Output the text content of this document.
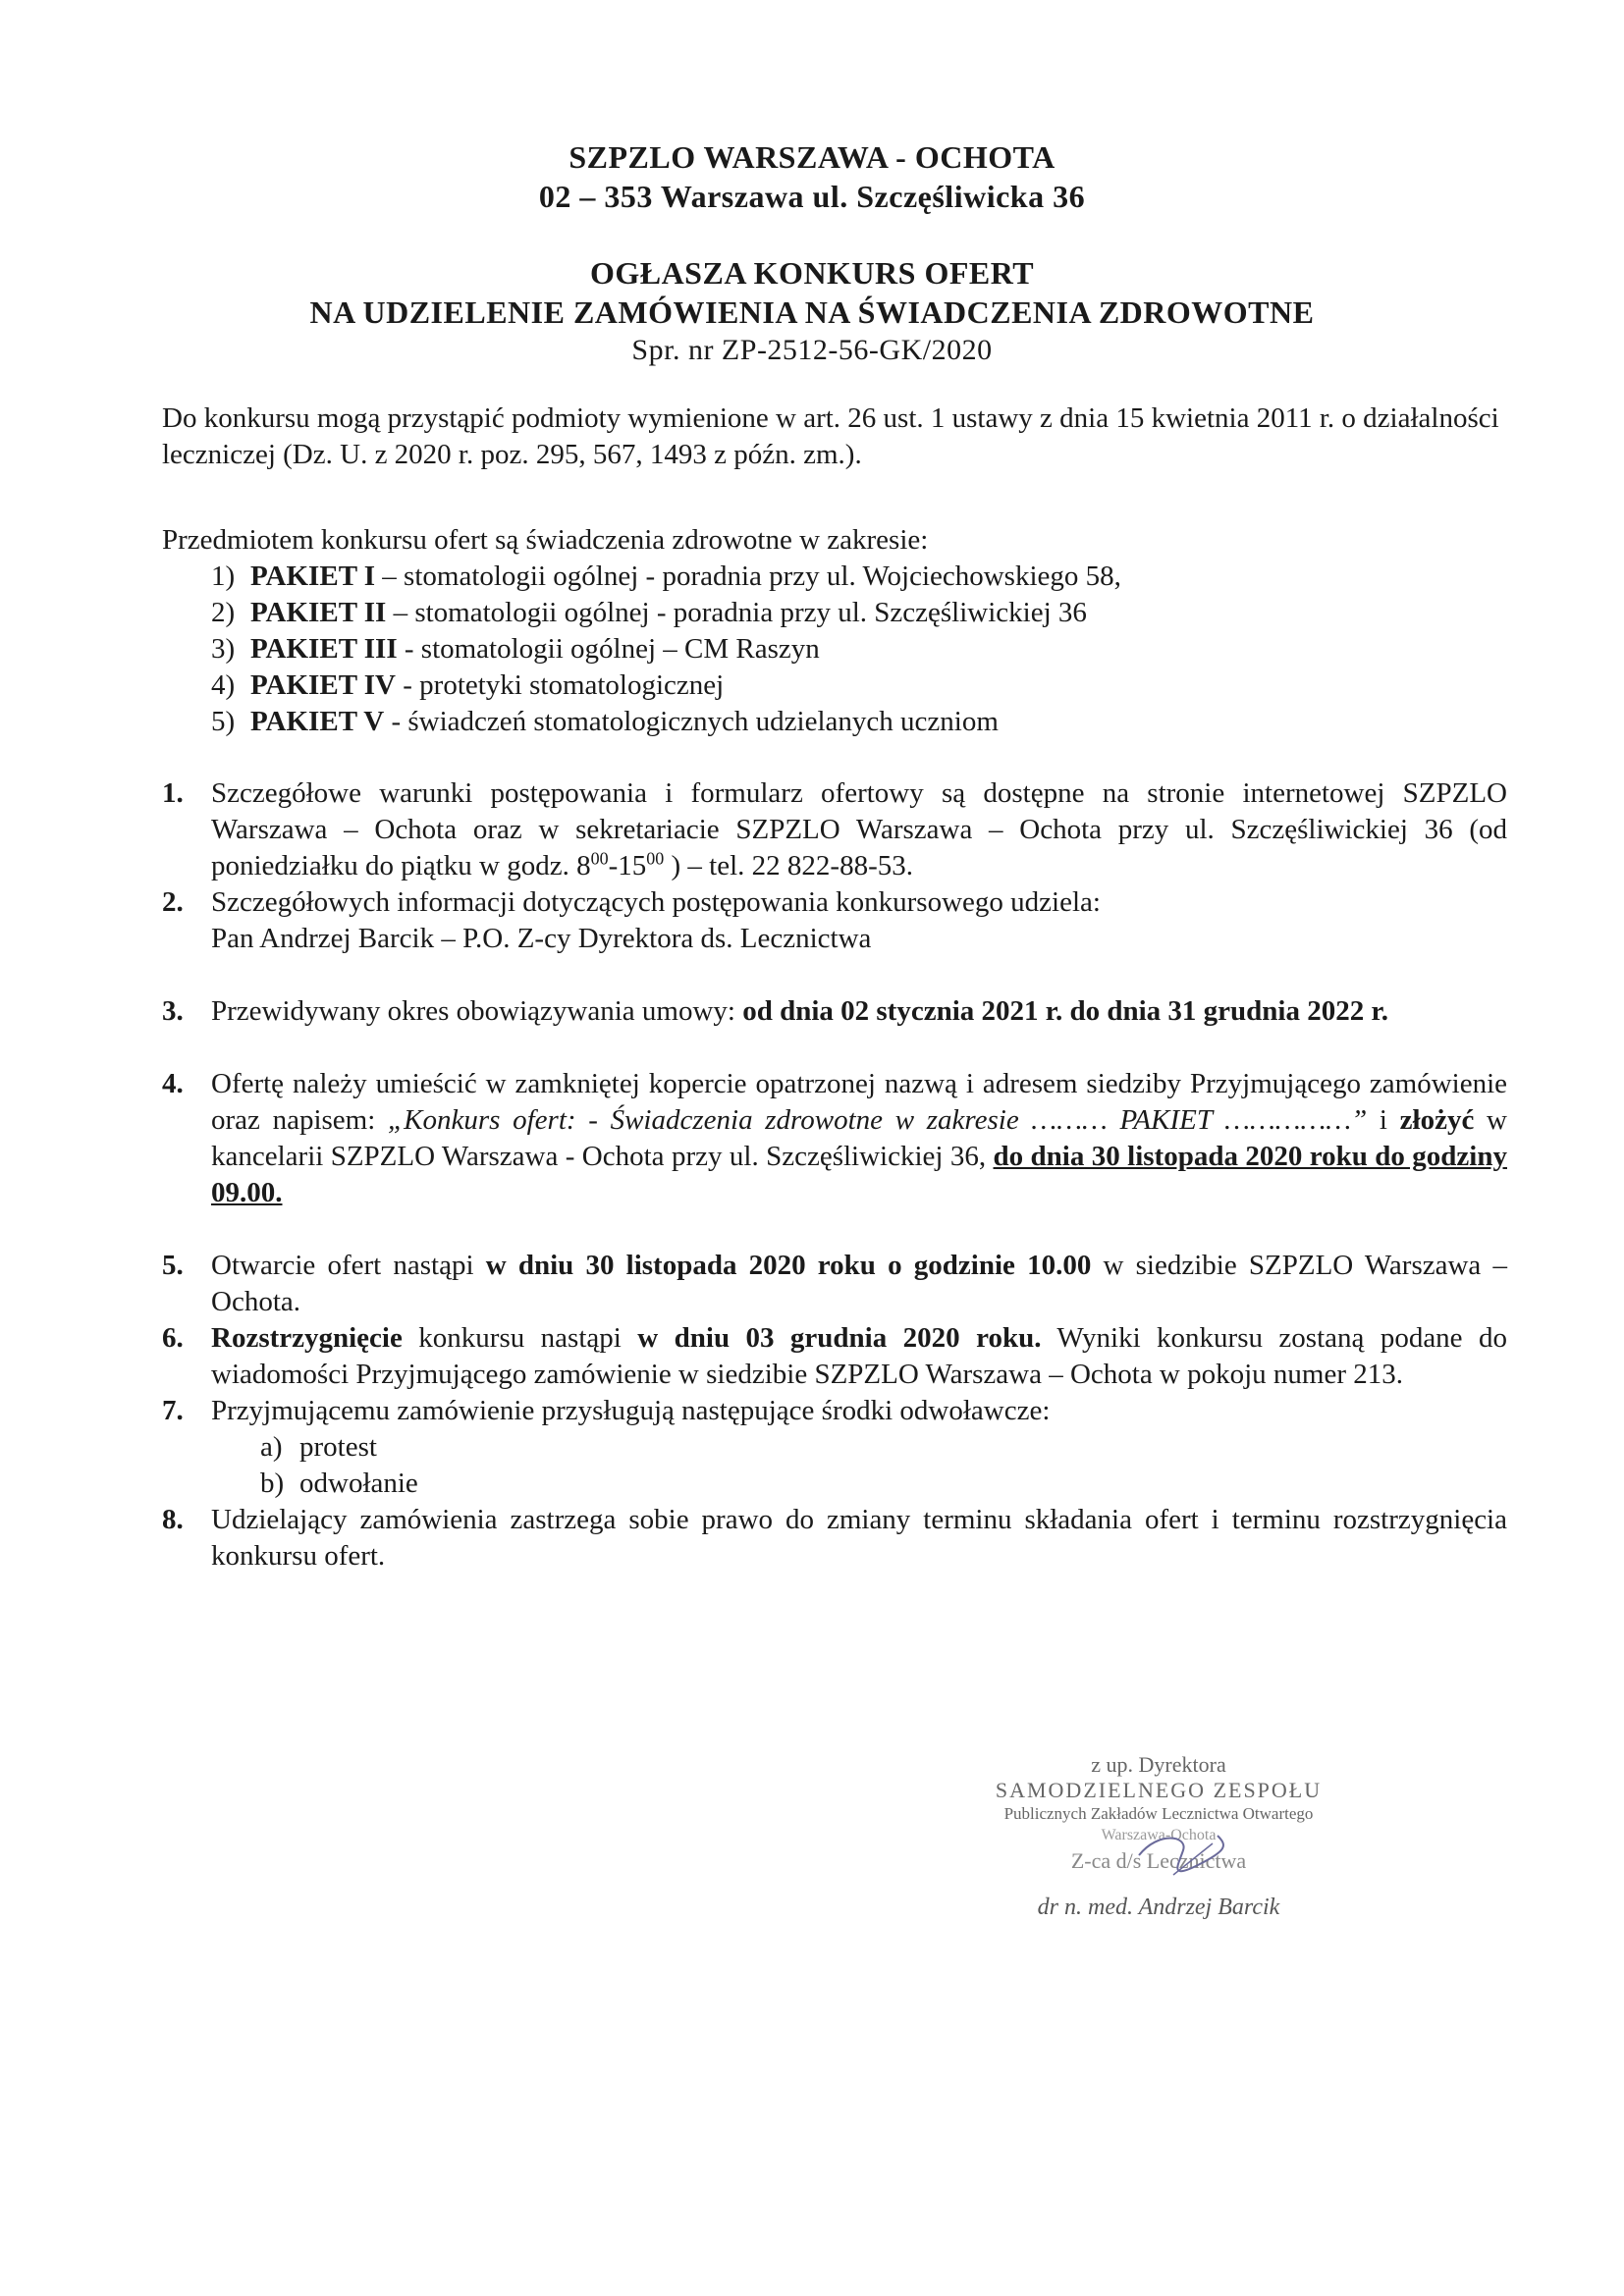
SZPZLO WARSZAWA - OCHOTA
02 – 353 Warszawa ul. Szczęśliwicka 36
OGŁASZA KONKURS OFERT
NA UDZIELENIE ZAMÓWIENIA NA ŚWIADCZENIA ZDROWOTNE
Spr. nr ZP-2512-56-GK/2020
Do konkursu mogą przystąpić podmioty wymienione w art. 26 ust. 1 ustawy z dnia 15 kwietnia 2011 r. o działalności leczniczej (Dz. U. z 2020 r. poz. 295, 567, 1493 z późn. zm.).
Przedmiotem konkursu ofert są świadczenia zdrowotne w zakresie:
1) PAKIET I – stomatologii ogólnej - poradnia przy ul. Wojciechowskiego 58,
2) PAKIET II – stomatologii ogólnej - poradnia przy ul. Szczęśliwickiej 36
3) PAKIET III - stomatologii ogólnej – CM Raszyn
4) PAKIET IV - protetyki stomatologicznej
5) PAKIET V - świadczeń stomatologicznych udzielanych uczniom
1. Szczegółowe warunki postępowania i formularz ofertowy są dostępne na stronie internetowej SZPZLO Warszawa – Ochota oraz w sekretariacie SZPZLO Warszawa – Ochota przy ul. Szczęśliwickiej 36 (od poniedziałku do piątku w godz. $8^{00}-15^{00}$ ) – tel. 22 822-88-53.
2. Szczegółowych informacji dotyczących postępowania konkursowego udziela:
Pan Andrzej Barcik – P.O. Z-cy Dyrektora ds. Lecznictwa
3. Przewidywany okres obowiązywania umowy: od dnia 02 stycznia 2021 r. do dnia 31 grudnia 2022 r.
4. Ofertę należy umieścić w zamkniętej kopercie opatrzonej nazwą i adresem siedziby Przyjmującego zamówienie oraz napisem: „Konkurs ofert: - Świadczenia zdrowotne w zakresie ……… PAKIET ……………” i złożyć w kancelarii SZPZLO Warszawa - Ochota przy ul. Szczęśliwickiej 36, do dnia 30 listopada 2020 roku do godziny 09.00.
5. Otwarcie ofert nastąpi w dniu 30 listopada 2020 roku o godzinie 10.00 w siedzibie SZPZLO Warszawa – Ochota.
6. Rozstrzygnięcie konkursu nastąpi w dniu 03 grudnia 2020 roku. Wyniki konkursu zostaną podane do wiadomości Przyjmującego zamówienie w siedzibie SZPZLO Warszawa – Ochota w pokoju numer 213.
7. Przyjmującemu zamówienie przysługują następujące środki odwoławcze:
a) protest
b) odwołanie
8. Udzielający zamówienia zastrzega sobie prawo do zmiany terminu składania ofert i terminu rozstrzygnięcia konkursu ofert.
z up. Dyrektora
SAMODZIELNEGO ZESPOŁU
Publicznych Zakładów Lecznictwa Otwartego
Warszawa-Ochota
Z-ca d/s Lecznictwa
dr n. med. Andrzej Barcik
